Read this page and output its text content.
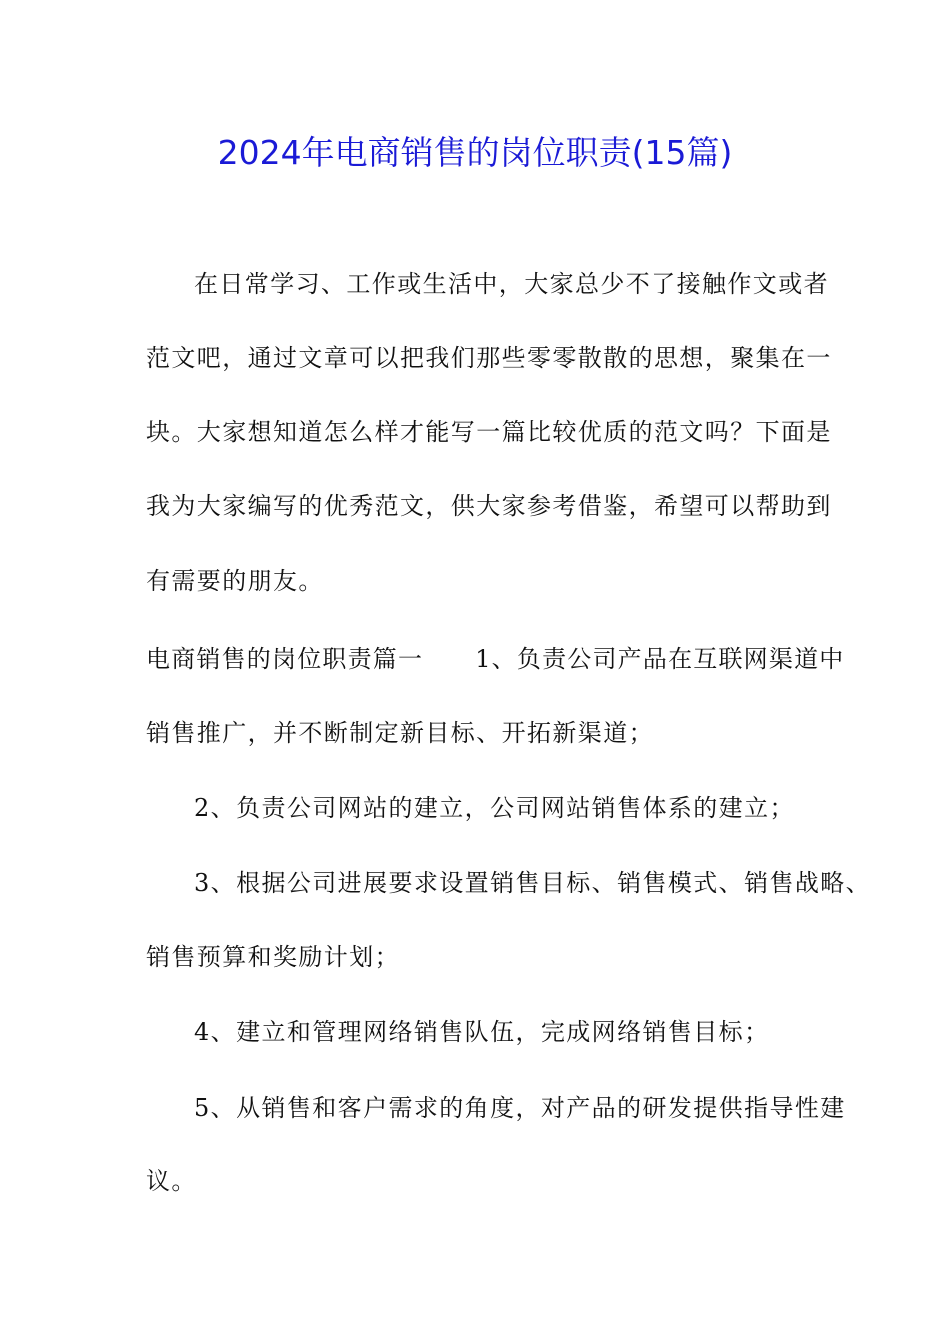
2024年电商销售的岗位职责(15篇)
在日常学习、工作或生活中，大家总少不了接触作文或者
范文吧，通过文章可以把我们那些零零散散的思想，聚集在一
块。大家想知道怎么样才能写一篇比较优质的范文吗？下面是
我为大家编写的优秀范文，供大家参考借鉴，希望可以帮助到
有需要的朋友。
电商销售的岗位职责篇一 1、负责公司产品在互联网渠道中
销售推广，并不断制定新目标、开拓新渠道；
2、负责公司网站的建立，公司网站销售体系的建立；
3、根据公司进展要求设置销售目标、销售模式、销售战略、
销售预算和奖励计划；
4、建立和管理网络销售队伍，完成网络销售目标；
5、从销售和客户需求的角度，对产品的研发提供指导性建
议。
